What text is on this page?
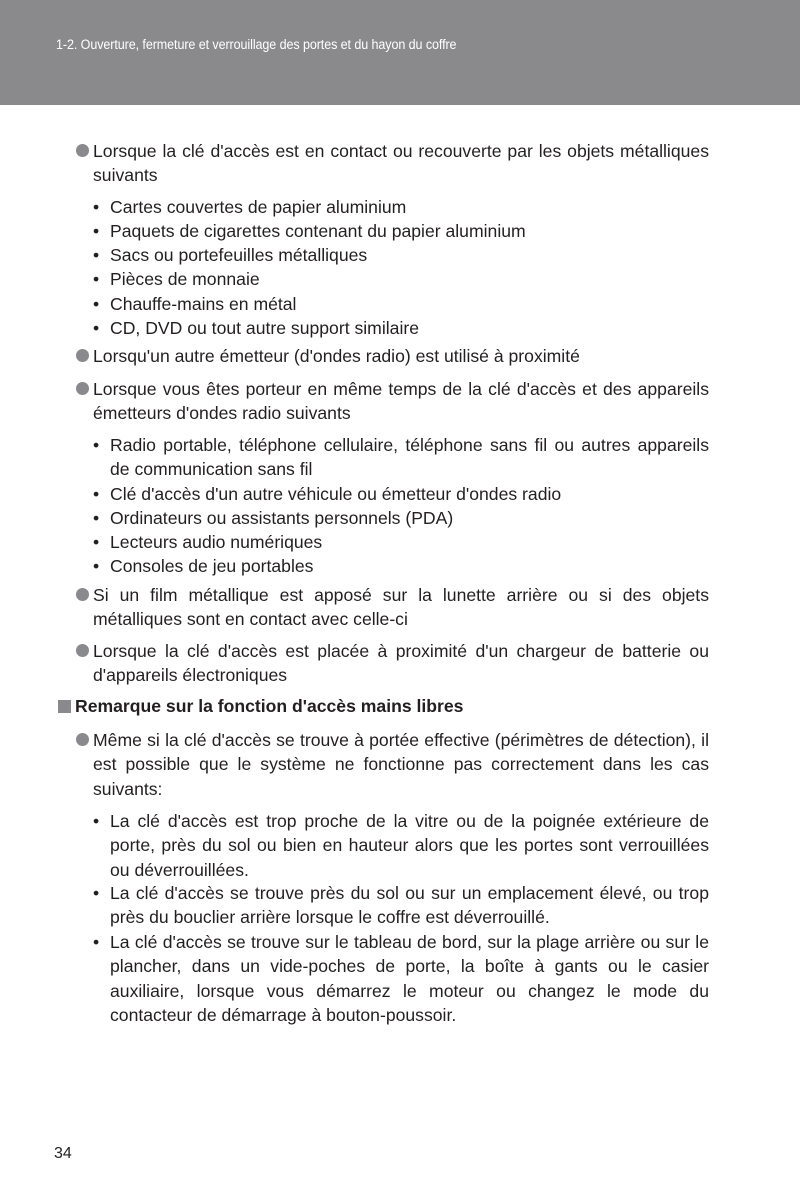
1-2. Ouverture, fermeture et verrouillage des portes et du hayon du coffre
Lorsque la clé d'accès est en contact ou recouverte par les objets métalliques suivants
• Cartes couvertes de papier aluminium
• Paquets de cigarettes contenant du papier aluminium
• Sacs ou portefeuilles métalliques
• Pièces de monnaie
• Chauffe-mains en métal
• CD, DVD ou tout autre support similaire
Lorsqu'un autre émetteur (d'ondes radio) est utilisé à proximité
Lorsque vous êtes porteur en même temps de la clé d'accès et des appareils émetteurs d'ondes radio suivants
• Radio portable, téléphone cellulaire, téléphone sans fil ou autres appareils de communication sans fil
• Clé d'accès d'un autre véhicule ou émetteur d'ondes radio
• Ordinateurs ou assistants personnels (PDA)
• Lecteurs audio numériques
• Consoles de jeu portables
Si un film métallique est apposé sur la lunette arrière ou si des objets métalliques sont en contact avec celle-ci
Lorsque la clé d'accès est placée à proximité d'un chargeur de batterie ou d'appareils électroniques
Remarque sur la fonction d'accès mains libres
Même si la clé d'accès se trouve à portée effective (périmètres de détection), il est possible que le système ne fonctionne pas correctement dans les cas suivants:
• La clé d'accès est trop proche de la vitre ou de la poignée extérieure de porte, près du sol ou bien en hauteur alors que les portes sont verrouillées ou déverrouillées.
• La clé d'accès se trouve près du sol ou sur un emplacement élevé, ou trop près du bouclier arrière lorsque le coffre est déverrouillé.
• La clé d'accès se trouve sur le tableau de bord, sur la plage arrière ou sur le plancher, dans un vide-poches de porte, la boîte à gants ou le casier auxiliaire, lorsque vous démarrez le moteur ou changez le mode du contacteur de démarrage à bouton-poussoir.
34
